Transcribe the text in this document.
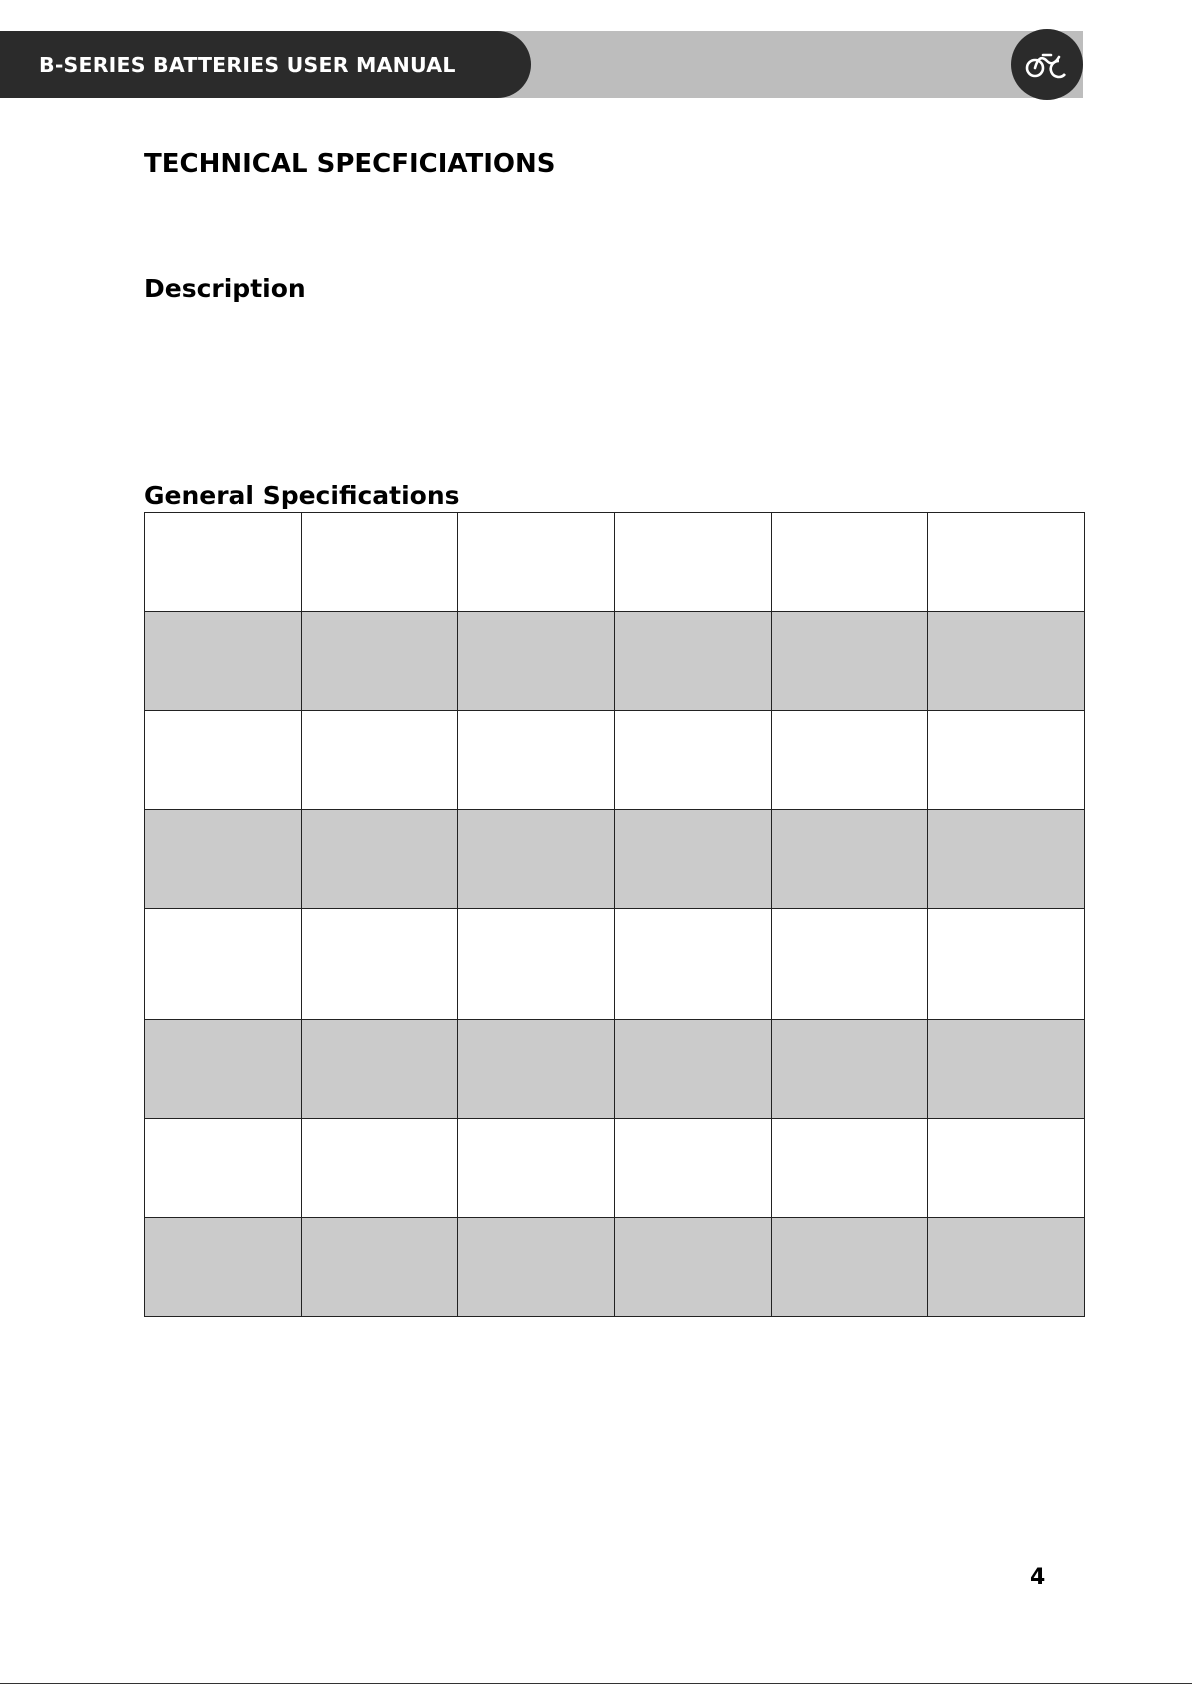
B-SERIES BATTERIES USER MANUAL
TECHNICAL SPECFICIATIONS
Description
General Specifications

4
